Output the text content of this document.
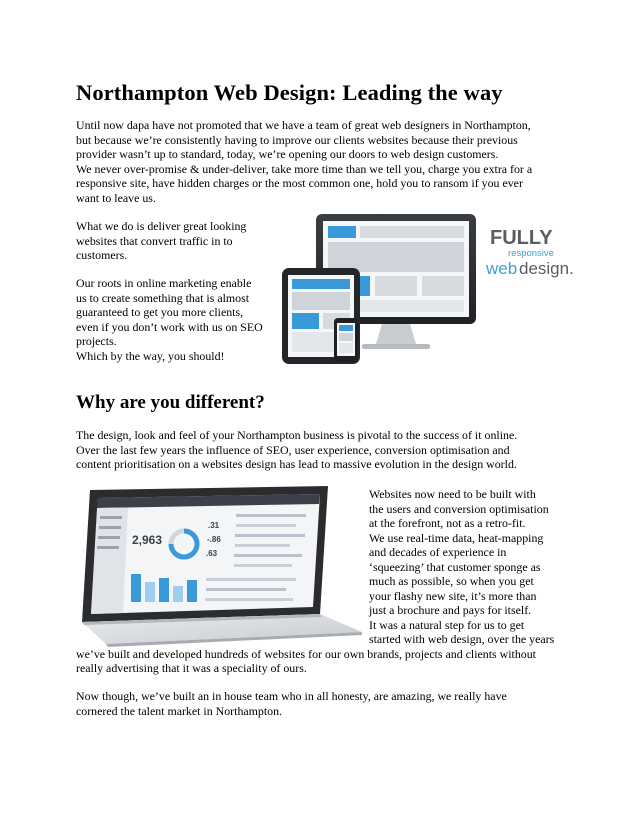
Northampton Web Design: Leading the way
Until now dapa have not promoted that we have a team of great web designers in Northampton,
but because we’re consistently having to improve our clients websites because their previous
provider wasn’t up to standard, today, we’re opening our doors to web design customers.
We never over-promise & under-deliver, take more time than we tell you, charge you extra for a
responsive site, have hidden charges or the most common one, hold you to ransom if you ever
want to leave us.
What we do is deliver great looking
websites that convert traffic in to
customers.
Our roots in online marketing enable
us to create something that is almost
guaranteed to get you more clients,
even if you don’t work with us on SEO
projects.
Which by the way, you should!
FULLY
responsive
web design.
Why are you different?
The design, look and feel of your Northampton business is pivotal to the success of it online.
Over the last few years the influence of SEO, user experience, conversion optimisation and
content prioritisation on a websites design has lead to massive evolution in the design world.
2,963
.31
-.86
.63
Websites now need to be built with
the users and conversion optimisation
at the forefront, not as a retro-fit.
We use real-time data, heat-mapping
and decades of experience in
‘squeezing’ that customer sponge as
much as possible, so when you get
your flashy new site, it’s more than
just a brochure and pays for itself.
It was a natural step for us to get
started with web design, over the years
we’ve built and developed hundreds of websites for our own brands, projects and clients without
really advertising that it was a speciality of ours.
Now though, we’ve built an in house team who in all honesty, are amazing, we really have
cornered the talent market in Northampton.
